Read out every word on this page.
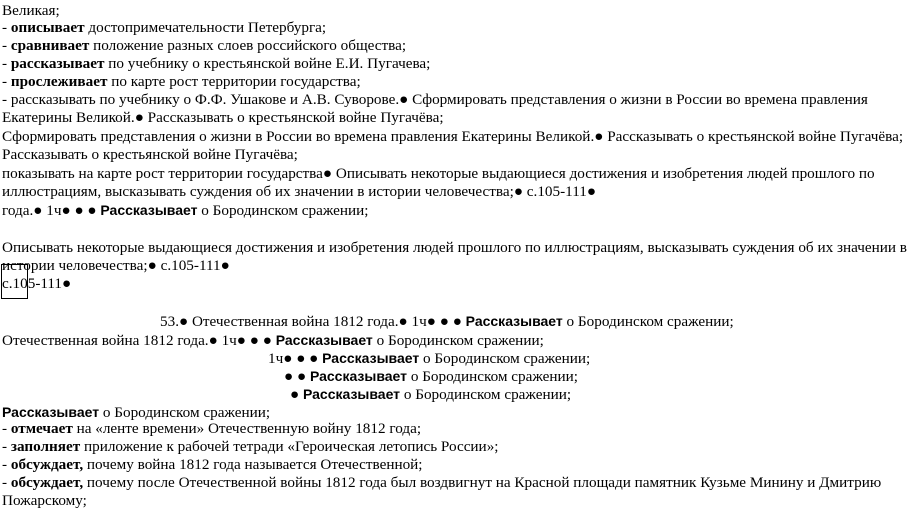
Великая;
- описывает достопримечательности Петербурга;
- сравнивает положение разных слоев российского общества;
- рассказывает по учебнику о крестьянской войне Е.И. Пугачева;
- прослеживает по карте рост территории государства;
- рассказывать по учебнику о Ф.Ф. Ушакове и А.В. Суворове.● Сформировать представления о жизни в России во времена правления
Екатерины Великой.● Рассказывать о крестьянской войне Пугачёва;
Сформировать представления о жизни в России во времена правления Екатерины Великой.● Рассказывать о крестьянской войне Пугачёва;
Рассказывать о крестьянской войне Пугачёва;
показывать на карте рост территории государства● Описывать некоторые выдающиеся достижения и изобретения людей прошлого по
иллюстрациям, высказывать суждения об их значении в истории человечества;● с.105-111●
года.● 1ч● ● ● Рассказывает о Бородинском сражении;
Описывать некоторые выдающиеся достижения и изобретения людей прошлого по иллюстрациям, высказывать суждения об их значении в
истории человечества;● с.105-111●
с.105-111●
53.● Отечественная война 1812 года.● 1ч● ● ● Рассказывает о Бородинском сражении;
Отечественная война 1812 года.● 1ч● ● ● Рассказывает о Бородинском сражении;
1ч● ● ● Рассказывает о Бородинском сражении;
● ● Рассказывает о Бородинском сражении;
● Рассказывает о Бородинском сражении;
Рассказывает о Бородинском сражении;
- отмечает на «ленте времени» Отечественную войну 1812 года;
- заполняет приложение к рабочей тетради «Героическая летопись России»;
- обсуждает, почему война 1812 года называется Отечественной;
- обсуждает, почему после Отечественной войны 1812 года был воздвигнут на Красной площади памятник Кузьме Минину и Дмитрию
Пожарскому;
